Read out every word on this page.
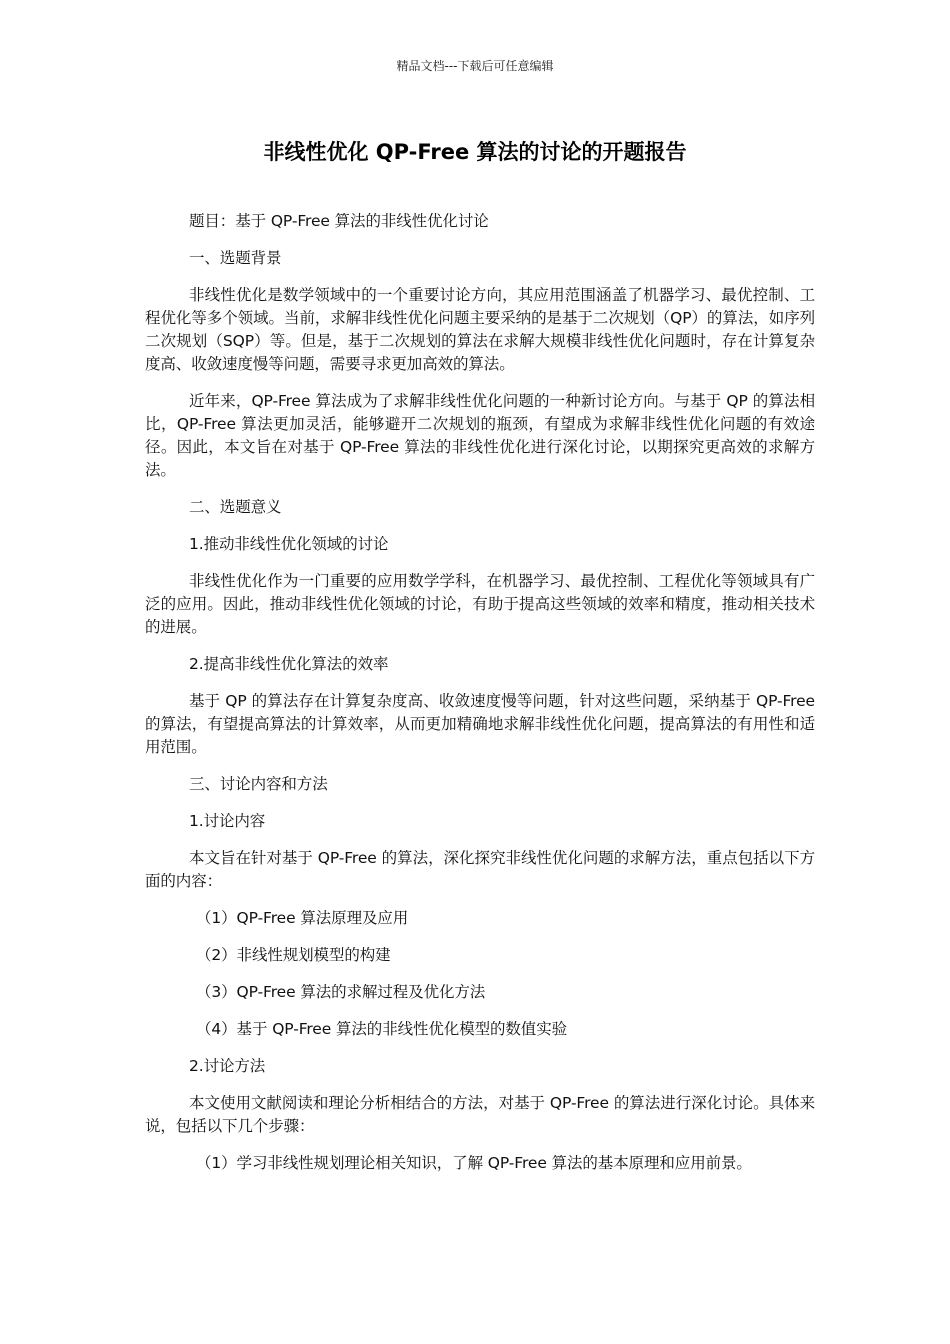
精品文档---下载后可任意编辑
非线性优化 QP-Free 算法的讨论的开题报告

题目：基于 QP-Free 算法的非线性优化讨论

一、选题背景

非线性优化是数学领域中的一个重要讨论方向，其应用范围涵盖了机器学习、最优控制、工程优化等多个领域。当前，求解非线性优化问题主要采纳的是基于二次规划（QP）的算法，如序列二次规划（SQP）等。但是，基于二次规划的算法在求解大规模非线性优化问题时，存在计算复杂度高、收敛速度慢等问题，需要寻求更加高效的算法。

近年来，QP-Free 算法成为了求解非线性优化问题的一种新讨论方向。与基于 QP 的算法相比，QP-Free 算法更加灵活，能够避开二次规划的瓶颈，有望成为求解非线性优化问题的有效途径。因此，本文旨在对基于 QP-Free 算法的非线性优化进行深化讨论，以期探究更高效的求解方法。

二、选题意义

1.推动非线性优化领域的讨论

非线性优化作为一门重要的应用数学学科，在机器学习、最优控制、工程优化等领域具有广泛的应用。因此，推动非线性优化领域的讨论，有助于提高这些领域的效率和精度，推动相关技术的进展。

2.提高非线性优化算法的效率

基于 QP 的算法存在计算复杂度高、收敛速度慢等问题，针对这些问题，采纳基于 QP-Free 的算法，有望提高算法的计算效率，从而更加精确地求解非线性优化问题，提高算法的有用性和适用范围。

三、讨论内容和方法

1.讨论内容

本文旨在针对基于 QP-Free 的算法，深化探究非线性优化问题的求解方法，重点包括以下方面的内容：

（1）QP-Free 算法原理及应用

（2）非线性规划模型的构建

（3）QP-Free 算法的求解过程及优化方法

（4）基于 QP-Free 算法的非线性优化模型的数值实验

2.讨论方法

本文使用文献阅读和理论分析相结合的方法，对基于 QP-Free 的算法进行深化讨论。具体来说，包括以下几个步骤：

（1）学习非线性规划理论相关知识，了解 QP-Free 算法的基本原理和应用前景。
